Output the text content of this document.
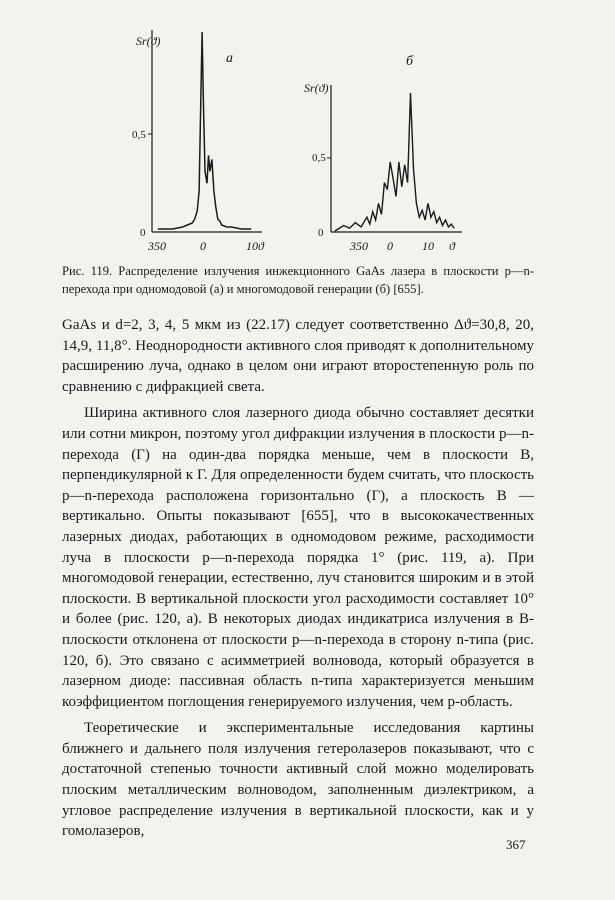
Sr(ϑ)
0
0,5
350	0	10ϑ
а
Sr(ϑ)
0
0,5
350 0 10 ϑ
б
Рис. 119. Распределение излучения инжекционного GaAs лазера в плоскости p—n-перехода при одномодовой (а) и многомодовой генерации (б) [655].

GaAs и d=2, 3, 4, 5 мкм из (22.17) следует соответственно Δϑ=30,8, 20, 14,9, 11,8°. Неоднородности активного слоя приводят к дополнительному расширению луча, однако в целом они играют второстепенную роль по сравнению с дифракцией света.

Ширина активного слоя лазерного диода обычно составляет десятки или сотни микрон, поэтому угол дифракции излучения в плоскости p—n-перехода (Γ) на один-два порядка меньше, чем в плоскости B, перпендикулярной к Γ. Для определенности будем считать, что плоскость p—n-перехода расположена горизонтально (Γ), а плоскость B — вертикально. Опыты показывают [655], что в высококачественных лазерных диодах, работающих в одномодовом режиме, расходимости луча в плоскости p—n-перехода порядка 1° (рис. 119, а). При многомодовой генерации, естественно, луч становится широким и в этой плоскости. В вертикальной плоскости угол расходимости составляет 10° и более (рис. 120, а). В некоторых диодах индикатриса излучения в B-плоскости отклонена от плоскости p—n-перехода в сторону n-типа (рис. 120, б). Это связано с асимметрией волновода, который образуется в лазерном диоде: пассивная область n-типа характеризуется меньшим коэффициентом поглощения генерируемого излучения, чем p-область.

Теоретические и экспериментальные исследования картины ближнего и дальнего поля излучения гетеролазеров показывают, что с достаточной степенью точности активный слой можно моделировать плоским металлическим волноводом, заполненным диэлектриком, а угловое распределение излучения в вертикальной плоскости, как и у гомолазеров,

367
